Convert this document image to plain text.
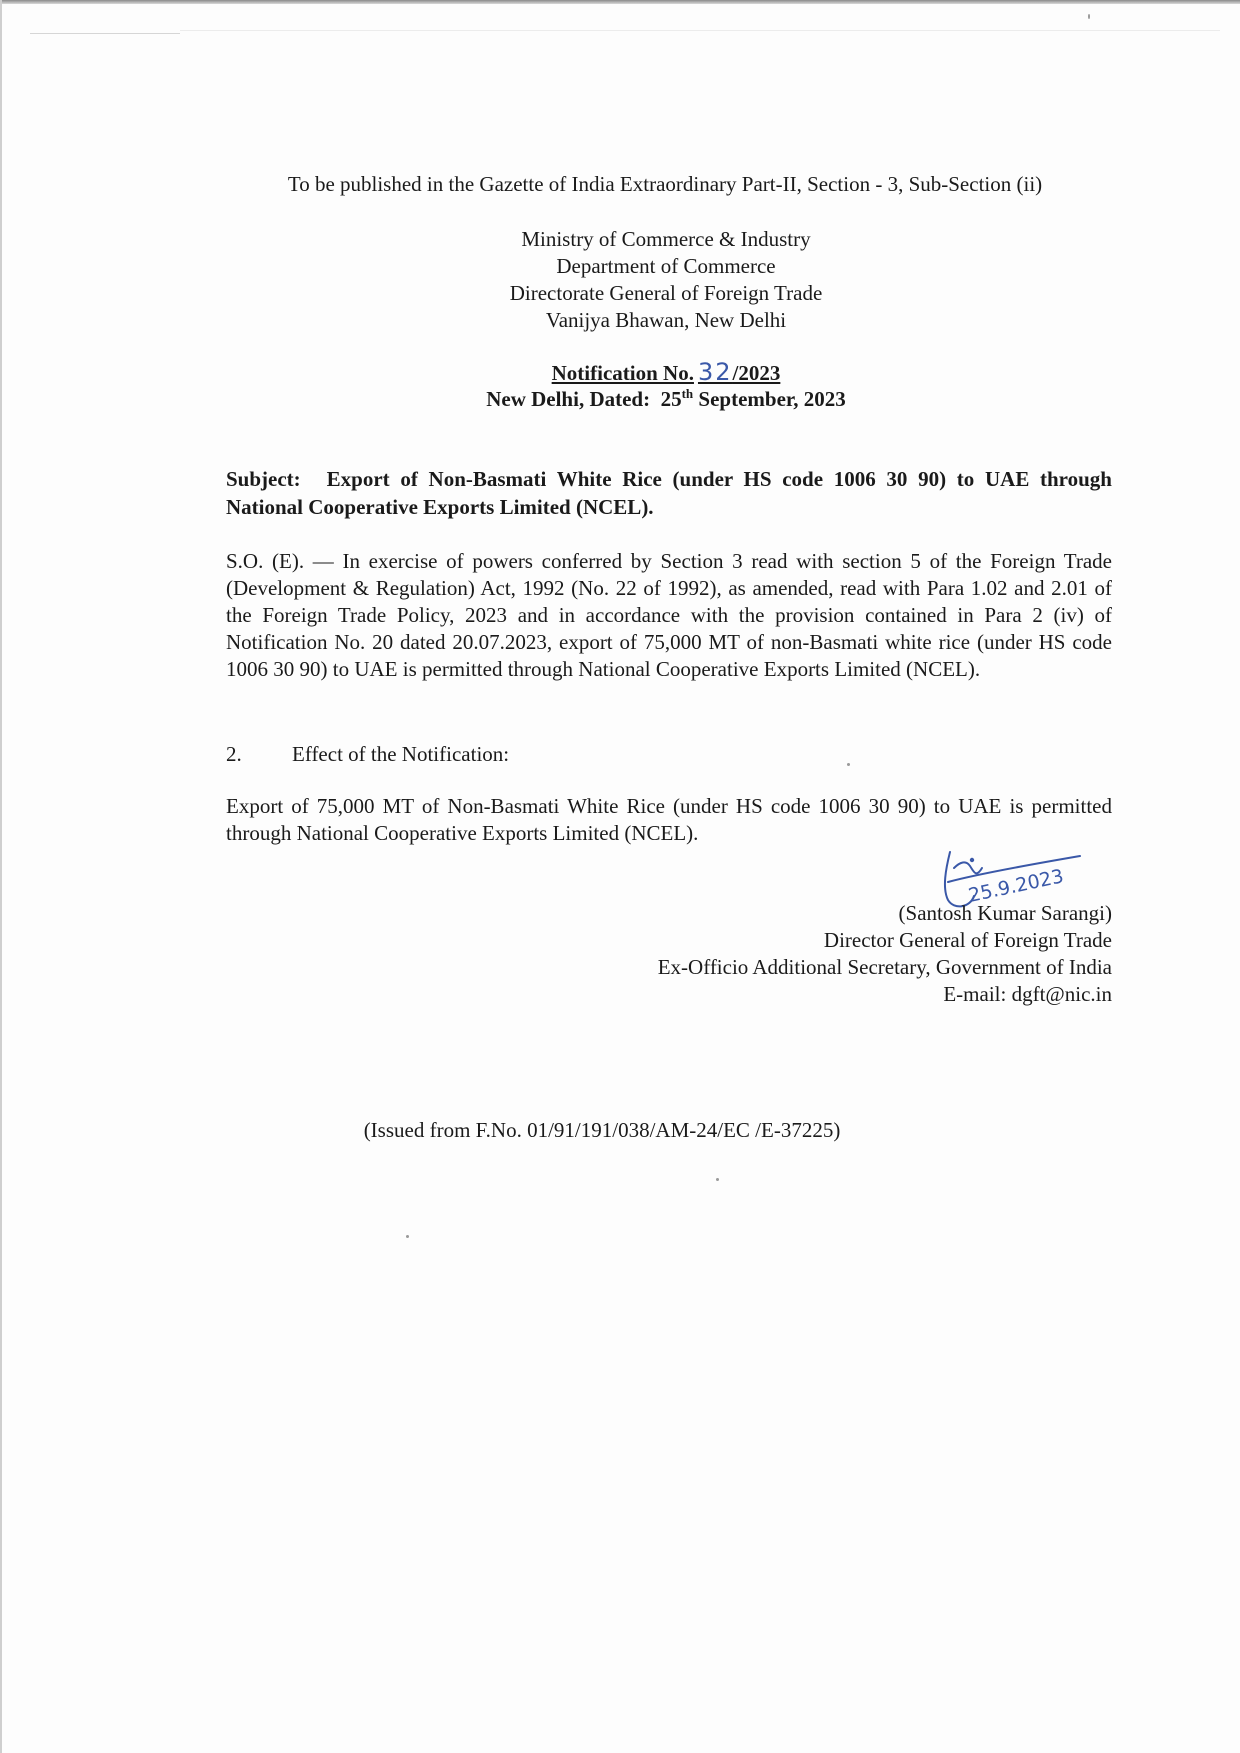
To be published in the Gazette of India Extraordinary Part-II, Section - 3, Sub-Section (ii)
Ministry of Commerce & Industry
Department of Commerce
Directorate General of Foreign Trade
Vanijya Bhawan, New Delhi
Notification No. 32/2023
New Delhi, Dated: 25th September, 2023
Subject: Export of Non-Basmati White Rice (under HS code 1006 30 90) to UAE through National Cooperative Exports Limited (NCEL).
S.O. (E). — In exercise of powers conferred by Section 3 read with section 5 of the Foreign Trade (Development & Regulation) Act, 1992 (No. 22 of 1992), as amended, read with Para 1.02 and 2.01 of the Foreign Trade Policy, 2023 and in accordance with the provision contained in Para 2 (iv) of Notification No. 20 dated 20.07.2023, export of 75,000 MT of non-Basmati white rice (under HS code 1006 30 90) to UAE is permitted through National Cooperative Exports Limited (NCEL).
2. Effect of the Notification:
Export of 75,000 MT of Non-Basmati White Rice (under HS code 1006 30 90) to UAE is permitted through National Cooperative Exports Limited (NCEL).
25.9.2023
(Santosh Kumar Sarangi)
Director General of Foreign Trade
Ex-Officio Additional Secretary, Government of India
E-mail: dgft@nic.in
(Issued from F.No. 01/91/191/038/AM-24/EC /E-37225)
